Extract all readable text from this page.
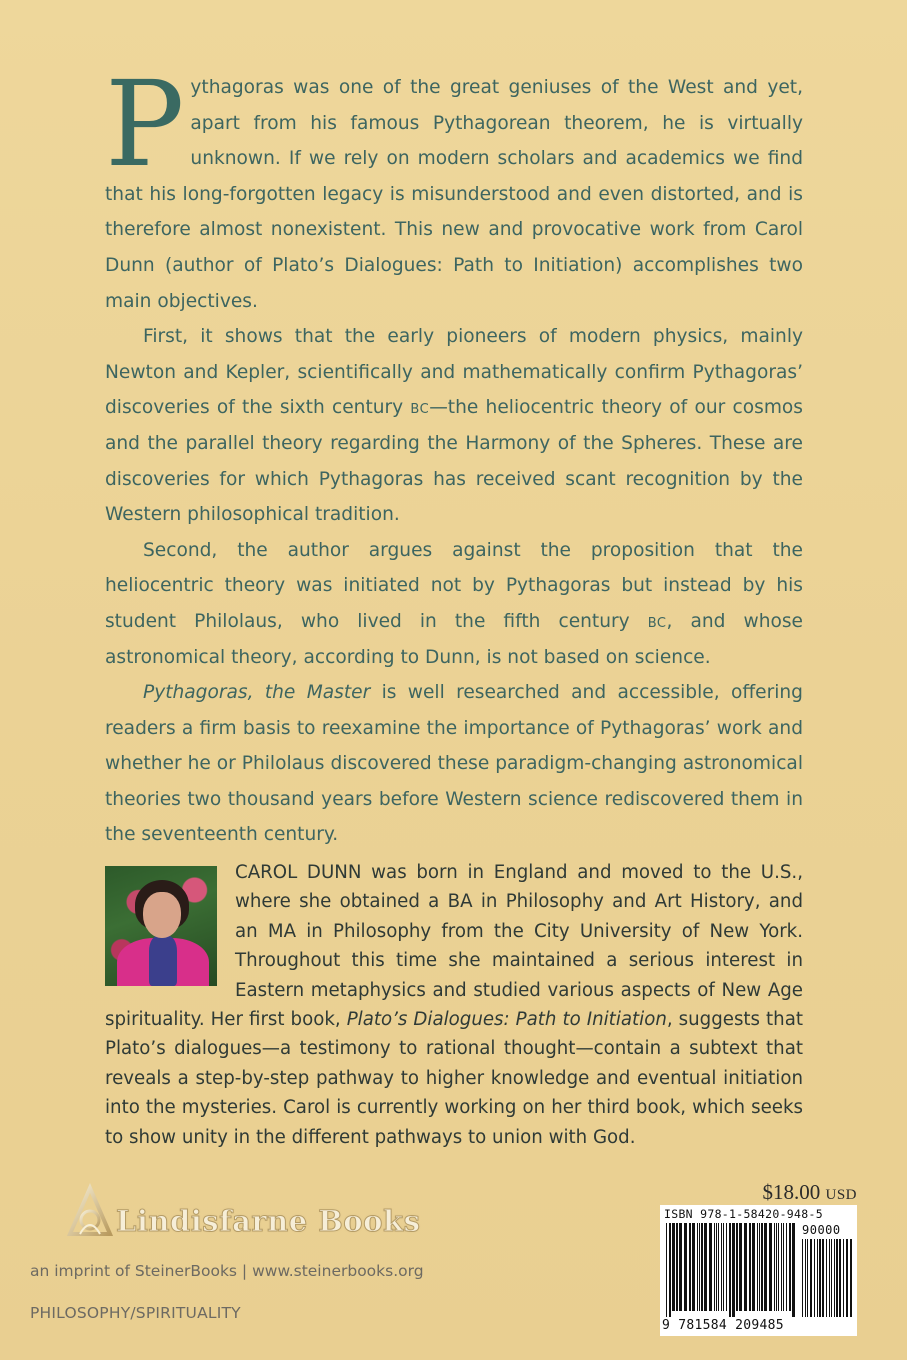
Pythagoras was one of the great geniuses of the West and yet, apart from his famous Pythagorean theorem, he is virtually unknown. If we rely on modern scholars and academics we find that his long-forgotten legacy is misunderstood and even distorted, and is therefore almost nonexistent. This new and provocative work from Carol Dunn (author of Plato’s Dialogues: Path to Initiation) accomplishes two main objectives.

First, it shows that the early pioneers of modern physics, mainly Newton and Kepler, scientifically and mathematically confirm Pythagoras’ discoveries of the sixth century bc—the heliocentric theory of our cosmos and the parallel theory regarding the Harmony of the Spheres. These are discoveries for which Pythagoras has received scant recognition by the Western philosophical tradition.

Second, the author argues against the proposition that the heliocentric theory was initiated not by Pythagoras but instead by his student Philolaus, who lived in the fifth century bc, and whose astronomical theory, according to Dunn, is not based on science.

Pythagoras, the Master is well researched and accessible, offering readers a firm basis to reexamine the importance of Pythagoras’ work and whether he or Philolaus discovered these paradigm-changing astronomical theories two thousand years before Western science rediscovered them in the seventeenth century.

CAROL DUNN was born in England and moved to the U.S., where she obtained a BA in Philosophy and Art History, and an MA in Philosophy from the City University of New York. Throughout this time she maintained a serious interest in Eastern metaphysics and studied various aspects of New Age spirituality. Her first book, Plato’s Dialogues: Path to Initiation, suggests that Plato’s dialogues—a testimony to rational thought—contain a subtext that reveals a step-by-step pathway to higher knowledge and eventual initiation into the mysteries. Carol is currently working on her third book, which seeks to show unity in the different pathways to union with God.

Lindisfarne Books
an imprint of SteinerBooks | www.steinerbooks.org
PHILOSOPHY/SPIRITUALITY
$18.00 USD
ISBN 978-1-58420-948-5
90000
9 781584 209485
